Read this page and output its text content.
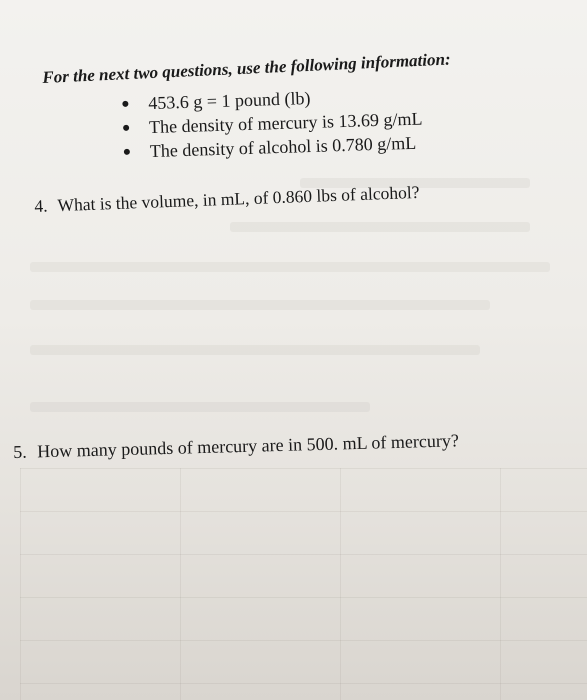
For the next two questions, use the following information:
453.6 g = 1 pound (lb)
The density of mercury is 13.69 g/mL
The density of alcohol is 0.780 g/mL
4. What is the volume, in mL, of 0.860 lbs of alcohol?
5. How many pounds of mercury are in 500. mL of mercury?
